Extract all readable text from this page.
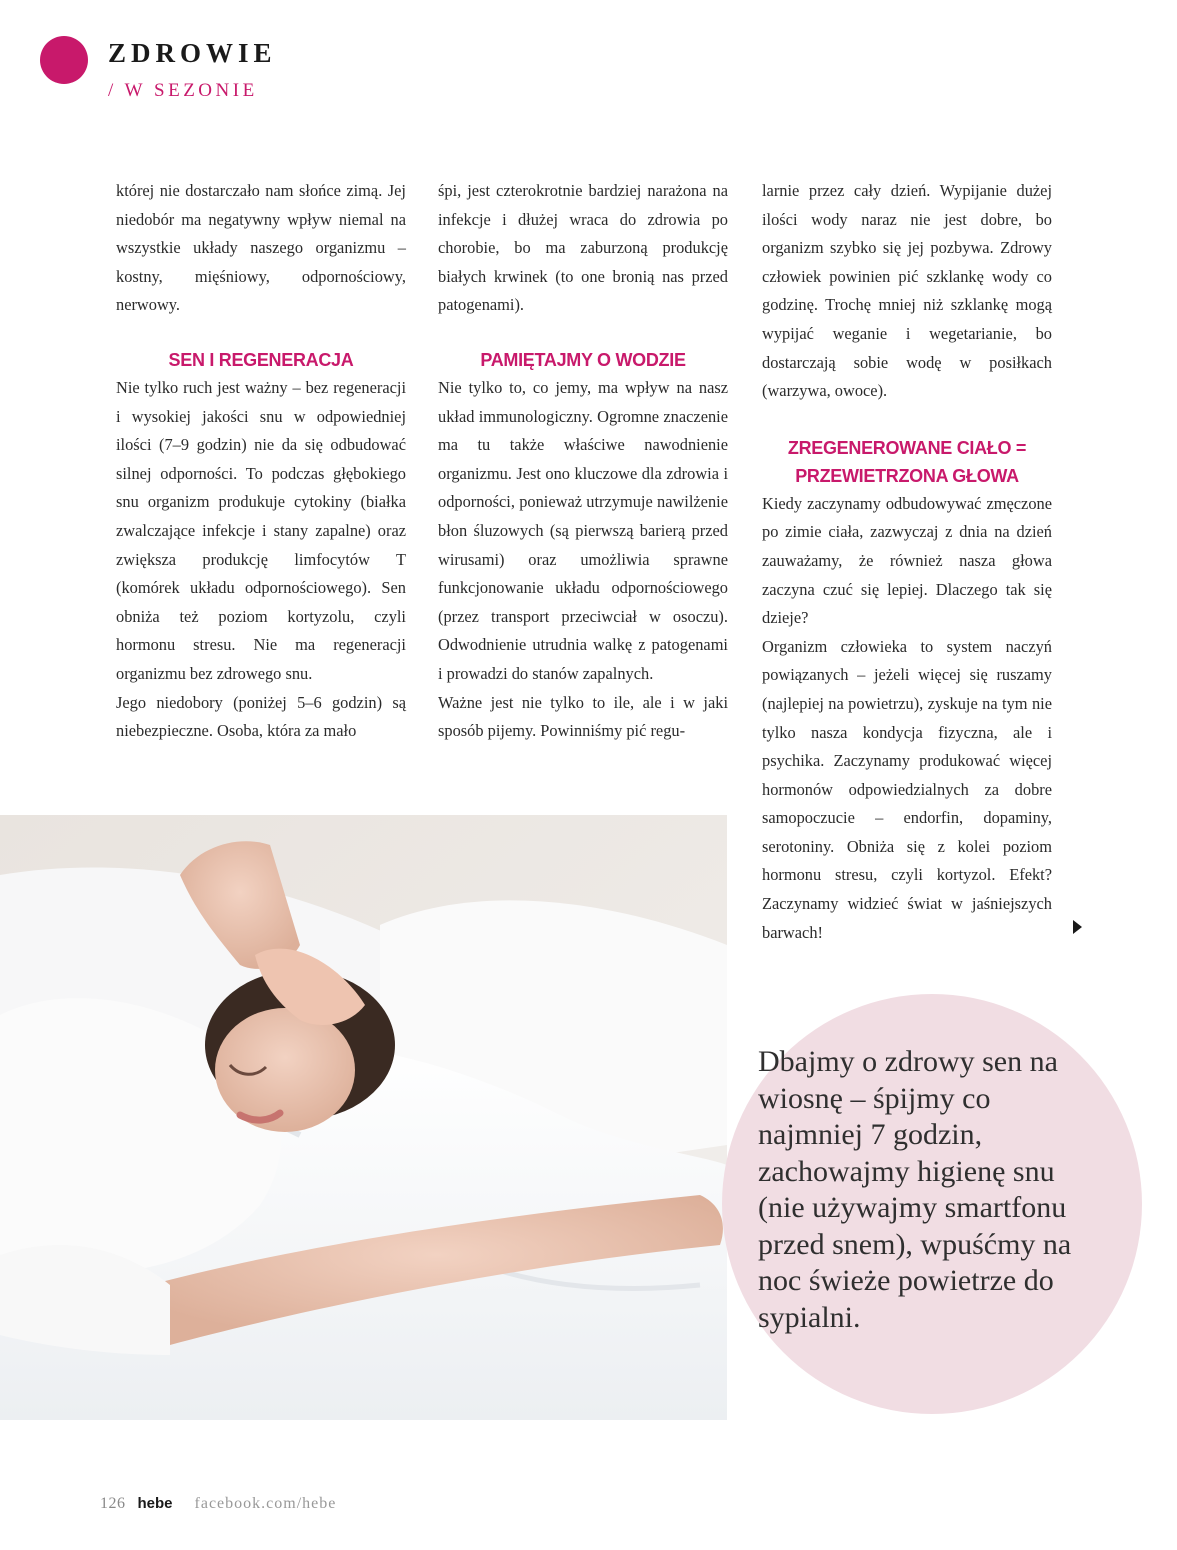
ZDROWIE
/ W SEZONIE

której nie dostarczało nam słońce zimą. Jej niedobór ma negatywny wpływ niemal na wszystkie układy naszego organizmu – kostny, mięśniowy, odpornościowy, nerwowy.

SEN I REGENERACJA

Nie tylko ruch jest ważny – bez regeneracji i wysokiej jakości snu w odpowiedniej ilości (7–9 godzin) nie da się odbudować silnej odporności. To podczas głębokiego snu organizm produkuje cytokiny (białka zwalczające infekcje i stany zapalne) oraz zwiększa produkcję limfocytów T (komórek układu odpornościowego). Sen obniża też poziom kortyzolu, czyli hormonu stresu. Nie ma regeneracji organizmu bez zdrowego snu.

Jego niedobory (poniżej 5–6 godzin) są niebezpieczne. Osoba, która za mało

śpi, jest czterokrotnie bardziej narażona na infekcje i dłużej wraca do zdrowia po chorobie, bo ma zaburzoną produkcję białych krwinek (to one bronią nas przed patogenami).

PAMIĘTAJMY O WODZIE

Nie tylko to, co jemy, ma wpływ na nasz układ immunologiczny. Ogromne znaczenie ma tu także właściwe nawodnienie organizmu. Jest ono kluczowe dla zdrowia i odporności, ponieważ utrzymuje nawilżenie błon śluzowych (są pierwszą barierą przed wirusami) oraz umożliwia sprawne funkcjonowanie układu odpornościowego (przez transport przeciwciał w osoczu). Odwodnienie utrudnia walkę z patogenami i prowadzi do stanów zapalnych.

Ważne jest nie tylko to ile, ale i w jaki sposób pijemy. Powinniśmy pić regu-

larnie przez cały dzień. Wypijanie dużej ilości wody naraz nie jest dobre, bo organizm szybko się jej pozbywa. Zdrowy człowiek powinien pić szklankę wody co godzinę. Trochę mniej niż szklankę mogą wypijać weganie i wegetarianie, bo dostarczają sobie wodę w posiłkach (warzywa, owoce).

ZREGENEROWANE CIAŁO =
PRZEWIETRZONA GŁOWA

Kiedy zaczynamy odbudowywać zmęczone po zimie ciała, zazwyczaj z dnia na dzień zauważamy, że również nasza głowa zaczyna czuć się lepiej. Dlaczego tak się dzieje?

Organizm człowieka to system naczyń powiązanych – jeżeli więcej się ruszamy (najlepiej na powietrzu), zyskuje na tym nie tylko nasza kondycja fizyczna, ale i psychika. Zaczynamy produkować więcej hormonów odpowiedzialnych za dobre samopoczucie – endorfin, dopaminy, serotoniny. Obniża się z kolei poziom hormonu stresu, czyli kortyzol. Efekt? Zaczynamy widzieć świat w jaśniejszych barwach!

Dbajmy o zdrowy sen na wiosnę – śpijmy co najmniej 7 godzin, zachowajmy higienę snu (nie używajmy smartfonu przed snem), wpuśćmy na noc świeże powietrze do sypialni.

126 hebe facebook.com/hebe
